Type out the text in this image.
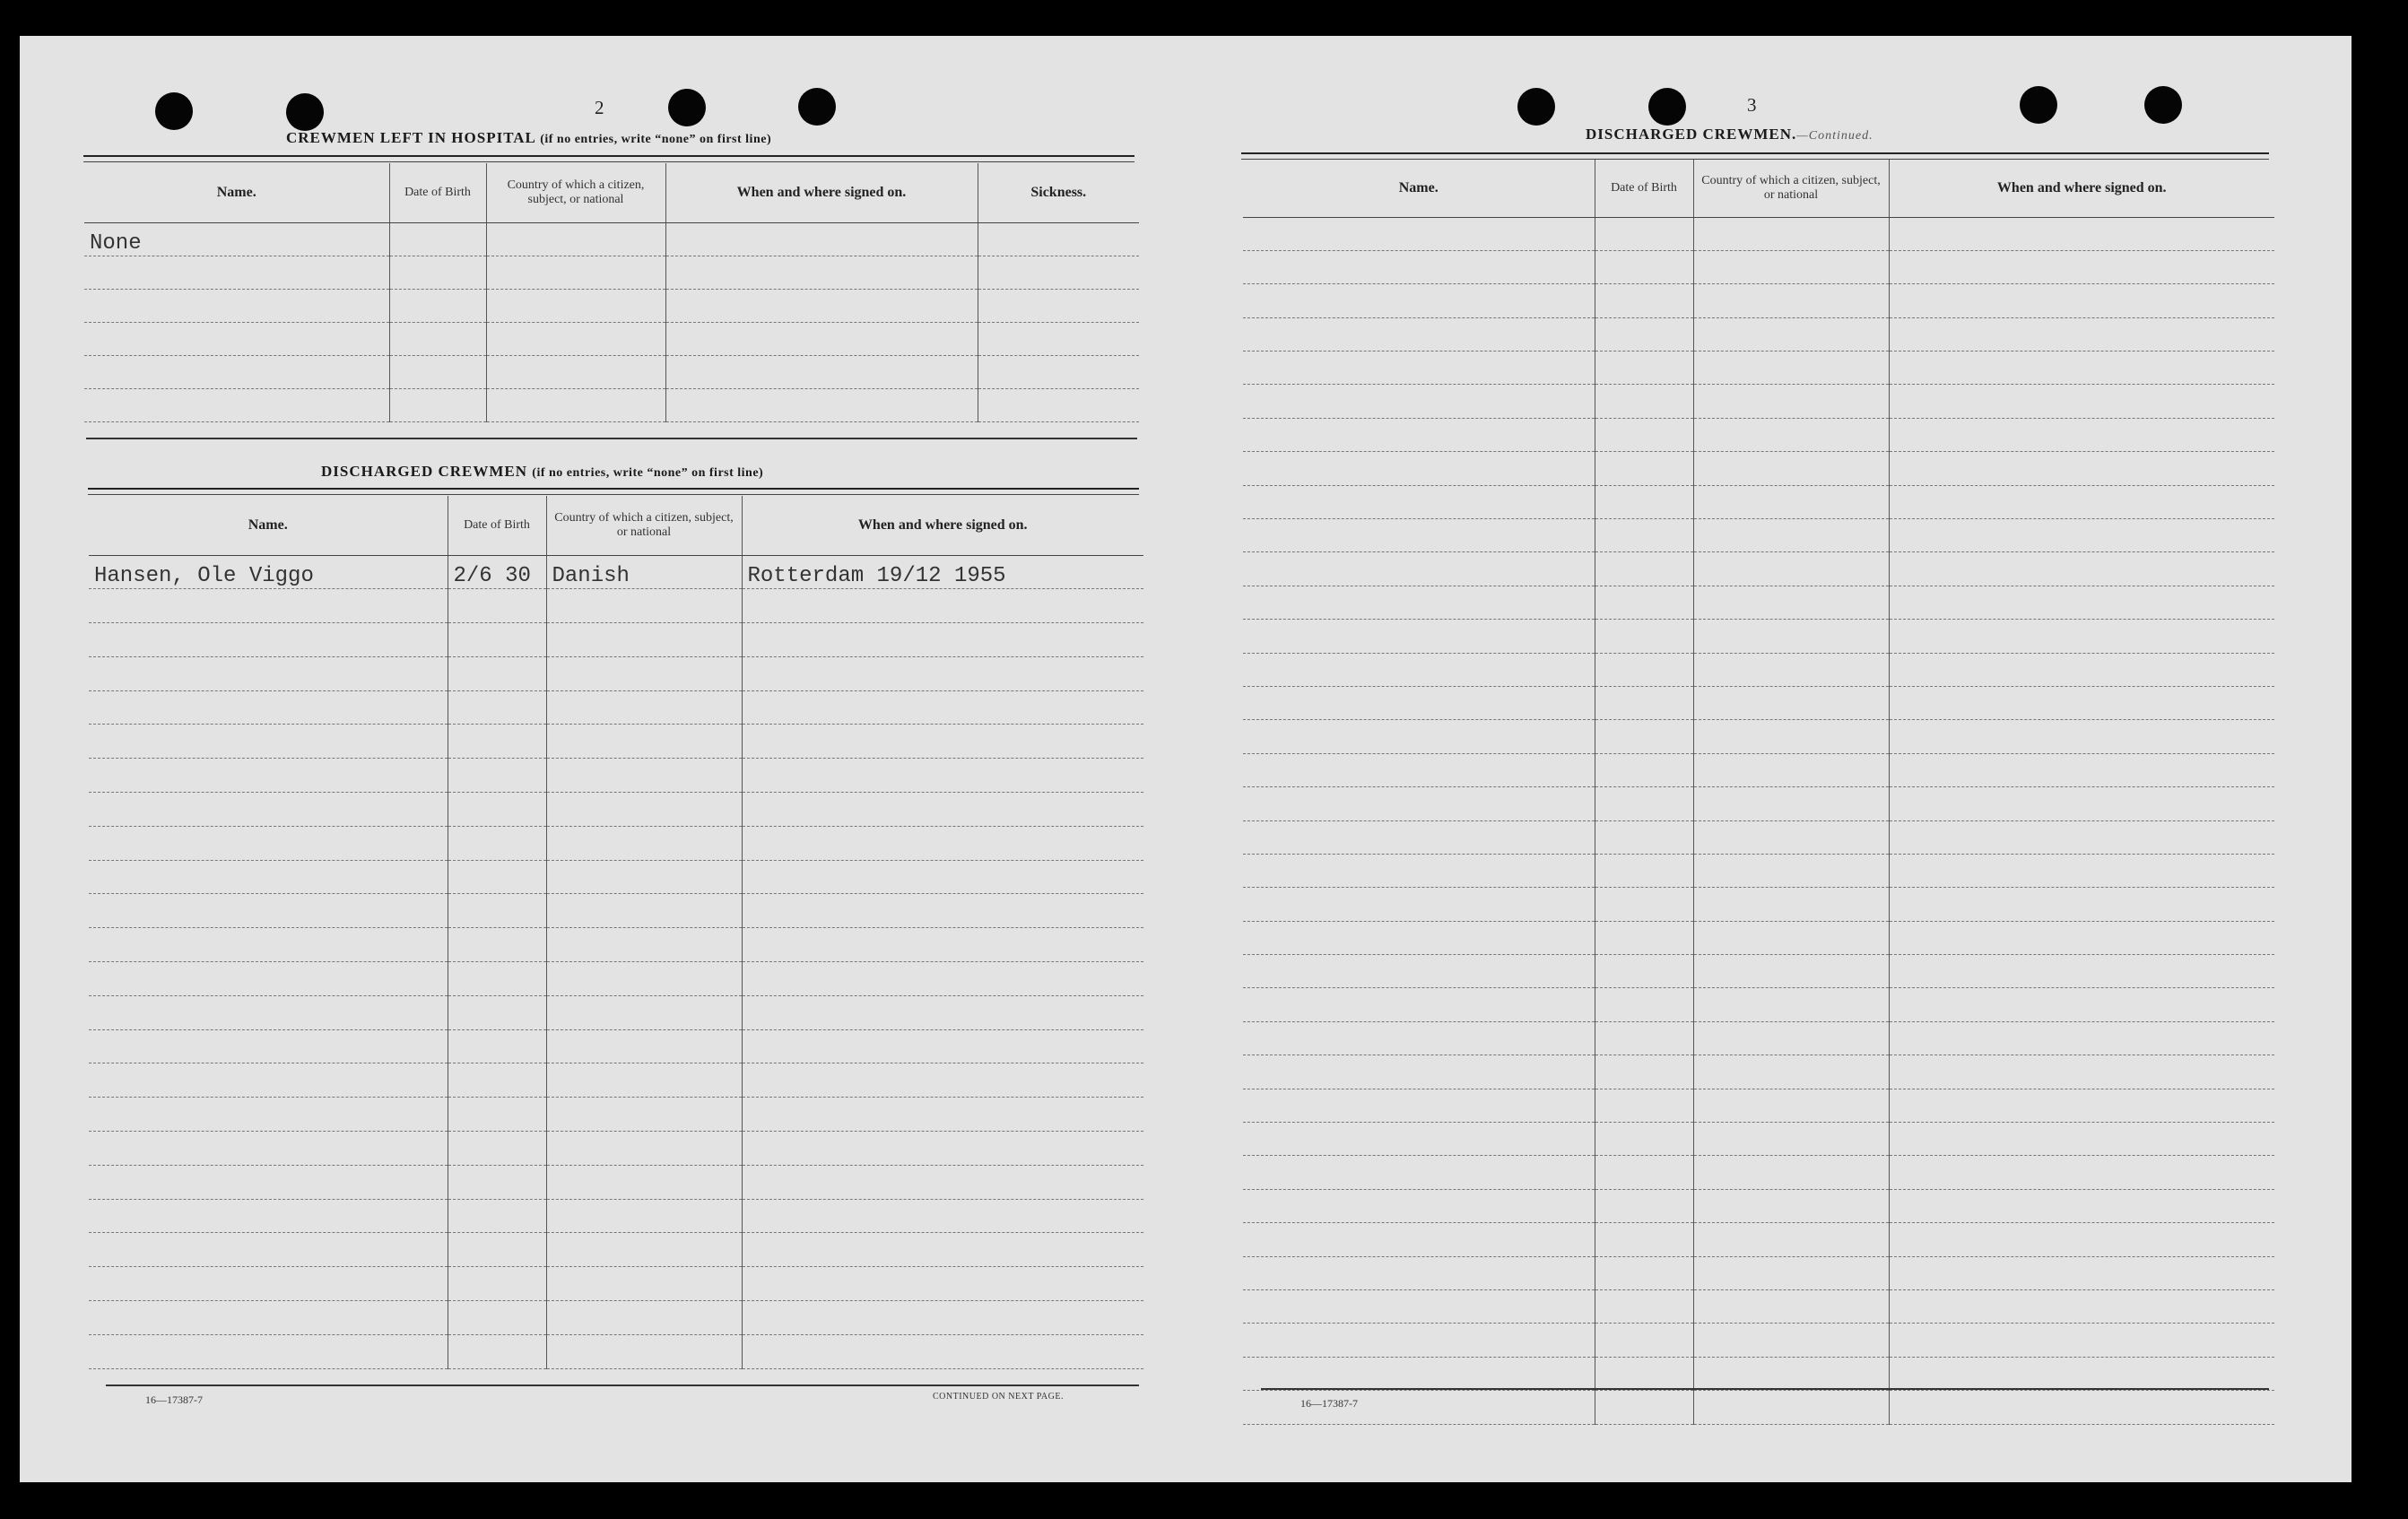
2
CREWMEN LEFT IN HOSPITAL (if no entries, write “none” on first line)
Name.	Date of Birth	Country of which a citizen, subject, or national	When and where signed on.	Sickness.
None				

DISCHARGED CREWMEN (if no entries, write “none” on first line)
Name.	Date of Birth	Country of which a citizen, subject, or national	When and where signed on.
Hansen, Ole Viggo	2/6 30	Danish	Rotterdam 19/12 1955

16—17387-7	CONTINUED ON NEXT PAGE.
3
DISCHARGED CREWMEN.—Continued.
Name.	Date of Birth	Country of which a citizen, subject, or national	When and where signed on.

16—17387-7
